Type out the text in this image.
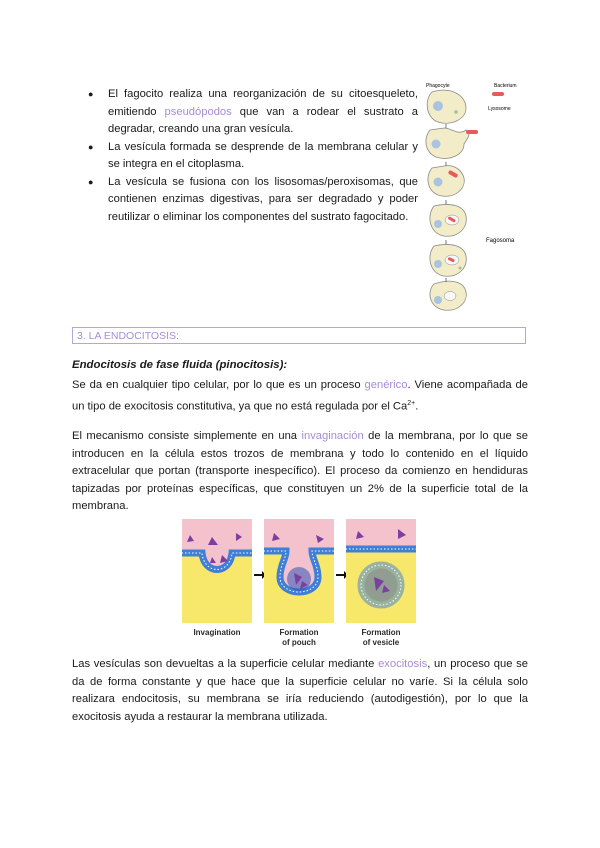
● El fagocito realiza una reorganización de su citoesqueleto, emitiendo pseudópodos que van a rodear el sustrato a degradar, creando una gran vesícula.
● La vesícula formada se desprende de la membrana celular y se integra en el citoplasma.
● La vesícula se fusiona con los lisosomas/peroxisomas, que contienen enzimas digestivas, para ser degradado y poder reutilizar o eliminar los componentes del sustrato fagocitado.
Phagocyte	Bacterium
Lysosome
Fagosoma
3. LA ENDOCITOSIS:
Endocitosis de fase fluida (pinocitosis):

Se da en cualquier tipo celular, por lo que es un proceso genérico. Viene acompañada de un tipo de exocitosis constitutiva, ya que no está regulada por el $Ca^{2+}$.

El mecanismo consiste simplemente en una invaginación de la membrana, por lo que se introducen en la célula estos trozos de membrana y todo lo contenido en el líquido extracelular que portan (transporte inespecífico). El proceso da comienzo en hendiduras tapizadas por proteínas específicas, que constituyen un 2% de la superficie total de la membrana.

Invagination	Formation
of pouch
Formation
of vesicle

Las vesículas son devueltas a la superficie celular mediante exocitosis, un proceso que se da de forma constante y que hace que la superficie celular no varíe. Si la célula solo realizara endocitosis, su membrana se iría reduciendo (autodigestión), por lo que la exocitosis ayuda a restaurar la membrana utilizada.
